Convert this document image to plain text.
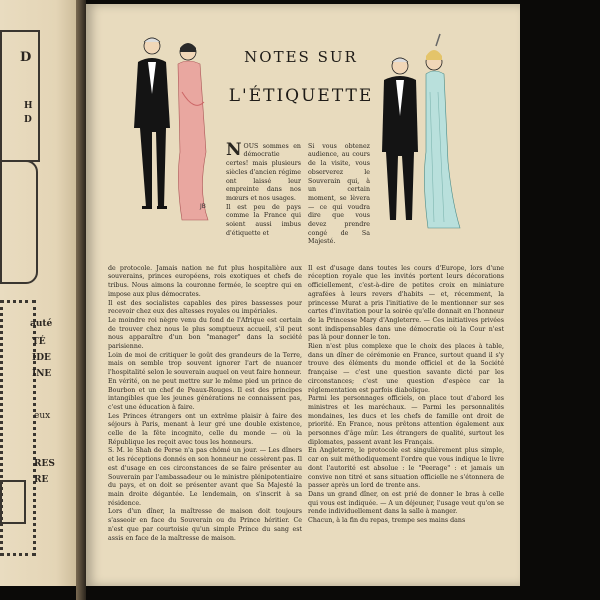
D
H
D
auté
TÉ
IDE
INE
eux
RES
RE
JB
NOTES SUR
L'ÉTIQUETTE

NOUS sommes en démocratie certes! mais plusieurs siècles d'ancien régime ont laissé leur empreinte dans nos mœurs et nos usages.
Il est peu de pays comme la France qui soient aussi imbus d'étiquette et

Si vous obtenez audience, au cours de la visite, vous observerez le Souverain qui, à un certain moment, se lèvera — ce qui voudra dire que vous devez prendre congé de Sa Majesté.

de protocole. Jamais nation ne fut plus hospitalière aux souverains, princes européens, rois exotiques et chefs de tribus. Nous aimons la couronne fermée, le sceptre qui en impose aux plus démocrates.
Il est des socialistes capables des pires bassesses pour recevoir chez eux des altesses royales ou impériales.
Le moindre roi nègre venu du fond de l'Afrique est certain de trouver chez nous le plus somptueux accueil, s'il peut nous apparaître d'un bon "manager" dans la société parisienne.
Loin de moi de critiquer le goût des grandeurs de la Terre, mais on semble trop souvent ignorer l'art de nuancer l'hospitalité selon le souverain auquel on veut faire honneur.
En vérité, on ne peut mettre sur le même pied un prince de Bourbon et un chef de Peaux-Rouges. Il est des principes intangibles que les jeunes générations ne connaissent pas, c'est une éducation à faire.
Les Princes étrangers ont un extrême plaisir à faire des séjours à Paris, menant à leur gré une double existence, celle de la fête incognito, celle du monde — où la République les reçoit avec tous les honneurs.
S. M. le Shah de Perse n'a pas chômé un jour. — Les dîners et les réceptions donnés en son honneur ne cessèrent pas. Il est d'usage en ces circonstances de se faire présenter au Souverain par l'ambassadeur ou le ministre plénipotentiaire du pays, et on doit se présenter avant que Sa Majesté la main droite dégantée. Le lendemain, on s'inscrit à sa résidence.
Lors d'un dîner, la maîtresse de maison doit toujours s'asseoir en face du Souverain ou du Prince héritier. Ce n'est que par courtoisie qu'un simple Prince du sang est assis en face de la maîtresse de maison.

Il est d'usage dans toutes les cours d'Europe, lors d'une réception royale que les invités portent leurs décorations officiellement, c'est-à-dire de petites croix en miniature agrafées à leurs revers d'habits — et, récemment, la princesse Murat a pris l'initiative de le mentionner sur ses cartes d'invitation pour la soirée qu'elle donnait en l'honneur de la Princesse Mary d'Angleterre. — Ces initiatives privées sont indispensables dans une démocratie où la Cour n'est pas là pour donner le ton.
Rien n'est plus complexe que le choix des places à table, dans un dîner de cérémonie en France, surtout quand il s'y trouve des éléments du monde officiel et de la Société française — c'est une question savante dicté par les circonstances; c'est une question d'espèce car la réglementation est parfois diabolique.
Parmi les personnages officiels, on place tout d'abord les ministres et les maréchaux. — Parmi les personnalités mondaines, les ducs et les chefs de famille ont droit de priorité. En France, nous prêtons attention également aux personnes d'âge mûr. Les étrangers de qualité, surtout les diplomates, passent avant les Français.
En Angleterre, le protocole est singulièrement plus simple, car on suit méthodiquement l'ordre que vous indique le livre dont l'autorité est absolue : le "Peerage" : et jamais un convive non titré et sans situation officielle ne s'étonnera de passer après un lord de trente ans.
Dans un grand dîner, on est prié de donner le bras à celle qui vous est indiquée. — A un déjeuner, l'usage veut qu'on se rende individuellement dans la salle à manger.
Chacun, à la fin du repas, trempe ses mains dans
